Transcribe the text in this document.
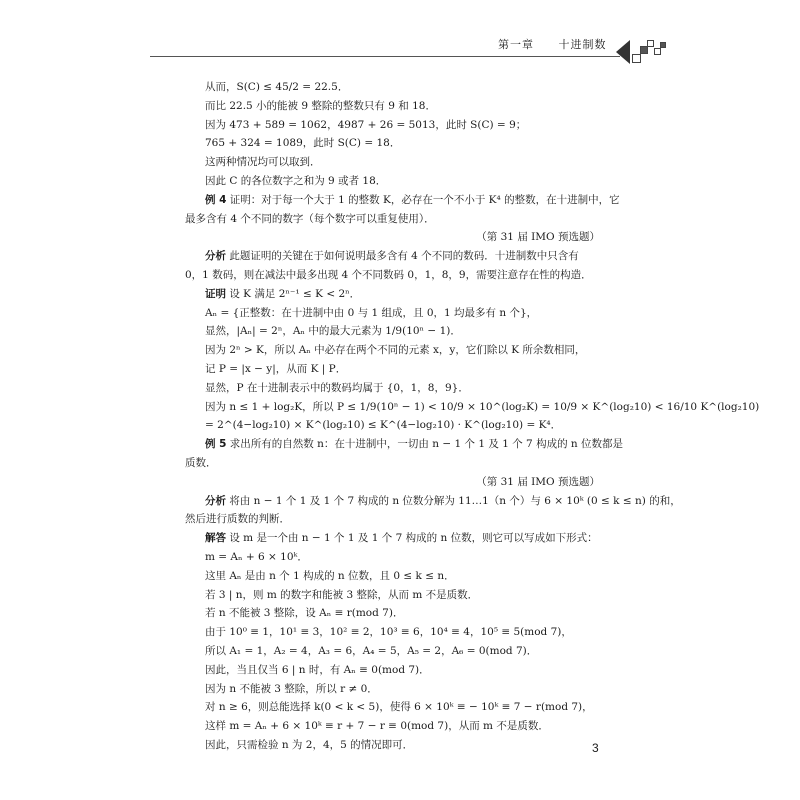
第一章 十进制数

从而，S(C) ≤ 45/2 = 22.5．

而比 22.5 小的能被 9 整除的整数只有 9 和 18．

因为 473 + 589 = 1062，4987 + 26 = 5013，此时 S(C) = 9；

765 + 324 = 1089，此时 S(C) = 18．

这两种情况均可以取到．

因此 C 的各位数字之和为 9 或者 18．

例 4 证明：对于每一个大于 1 的整数 K，必存在一个不小于 K⁴ 的整数，在十进制中，它

最多含有 4 个不同的数字（每个数字可以重复使用）．

（第 31 届 IMO 预选题）

分析 此题证明的关键在于如何说明最多含有 4 个不同的数码．十进制数中只含有

0，1 数码，则在减法中最多出现 4 个不同数码 0，1，8，9，需要注意存在性的构造．

证明 设 K 满足 2ⁿ⁻¹ ≤ K < 2ⁿ．

Aₙ = {正整数：在十进制中由 0 与 1 组成，且 0，1 均最多有 n 个}，

显然，|Aₙ| = 2ⁿ，Aₙ 中的最大元素为 1/9(10ⁿ − 1)．

因为 2ⁿ > K，所以 Aₙ 中必存在两个不同的元素 x，y，它们除以 K 所余数相同，

记 P = |x − y|，从而 K | P．

显然，P 在十进制表示中的数码均属于 {0，1，8，9}．

因为 n ≤ 1 + log₂K，所以 P ≤ 1/9(10ⁿ − 1) < 10/9 × 10^(log₂K) = 10/9 × K^(log₂10) < 16/10 K^(log₂10)

= 2^(4−log₂10) × K^(log₂10) ≤ K^(4−log₂10) · K^(log₂10) = K⁴．

例 5 求出所有的自然数 n：在十进制中，一切由 n − 1 个 1 及 1 个 7 构成的 n 位数都是

质数．

（第 31 届 IMO 预选题）

分析 将由 n − 1 个 1 及 1 个 7 构成的 n 位数分解为 11…1（n 个）与 6 × 10ᵏ (0 ≤ k ≤ n) 的和，

然后进行质数的判断．

解答 设 m 是一个由 n − 1 个 1 及 1 个 7 构成的 n 位数，则它可以写成如下形式：

m = Aₙ + 6 × 10ᵏ．

这里 Aₙ 是由 n 个 1 构成的 n 位数，且 0 ≤ k ≤ n．

若 3 | n，则 m 的数字和能被 3 整除，从而 m 不是质数．

若 n 不能被 3 整除，设 Aₙ ≡ r(mod 7)．

由于 10⁰ ≡ 1，10¹ ≡ 3，10² ≡ 2，10³ ≡ 6，10⁴ ≡ 4，10⁵ ≡ 5(mod 7)，

所以 A₁ = 1，A₂ = 4，A₃ = 6，A₄ = 5，A₅ = 2，A₆ = 0(mod 7)．

因此，当且仅当 6 | n 时，有 Aₙ ≡ 0(mod 7)．

因为 n 不能被 3 整除，所以 r ≠ 0．

对 n ≥ 6，则总能选择 k(0 < k < 5)，使得 6 × 10ᵏ ≡ − 10ᵏ ≡ 7 − r(mod 7)，

这样 m = Aₙ + 6 × 10ᵏ ≡ r + 7 − r ≡ 0(mod 7)，从而 m 不是质数．

因此，只需检验 n 为 2，4，5 的情况即可．	3
